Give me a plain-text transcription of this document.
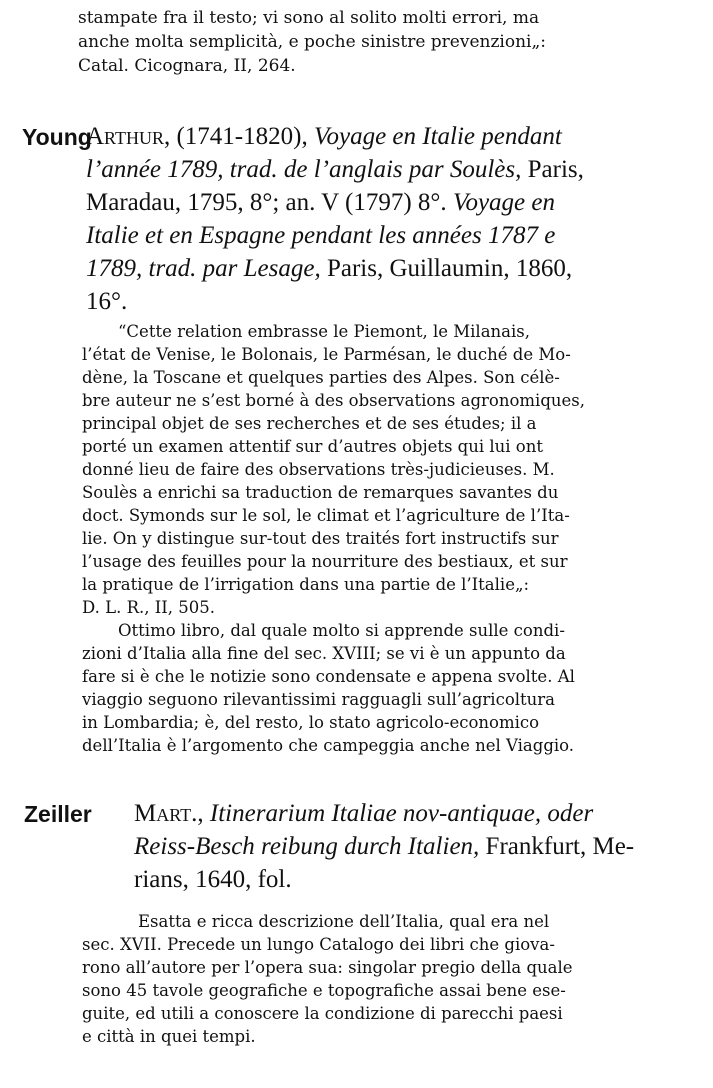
stampate fra il testo; vi sono al solito molti errori, ma
anche molta semplicità, e poche sinistre prevenzioni„:
Catal. Cicognara, II, 264.
Young
Arthur, (1741-1820), Voyage en Italie pendant
l’année 1789, trad. de l’anglais par Soulès, Paris,
Maradau, 1795, 8°; an. V (1797) 8°. Voyage en
Italie et en Espagne pendant les années 1787 e
1789, trad. par Lesage, Paris, Guillaumin, 1860,
16°.
“Cette relation embrasse le Piemont, le Milanais,
l’état de Venise, le Bolonais, le Parmésan, le duché de Mo-
dène, la Toscane et quelques parties des Alpes. Son célè-
bre auteur ne s’est borné à des observations agronomiques,
principal objet de ses recherches et de ses études; il a
porté un examen attentif sur d’autres objets qui lui ont
donné lieu de faire des observations très-judicieuses. M.
Soulès a enrichi sa traduction de remarques savantes du
doct. Symonds sur le sol, le climat et l’agriculture de l’Ita-
lie. On y distingue sur-tout des traités fort instructifs sur
l’usage des feuilles pour la nourriture des bestiaux, et sur
la pratique de l’irrigation dans una partie de l’Italie„:
D. L. R., II, 505.
Ottimo libro, dal quale molto si apprende sulle condi-
zioni d’Italia alla fine del sec. XVIII; se vi è un appunto da
fare si è che le notizie sono condensate e appena svolte. Al
viaggio seguono rilevantissimi ragguagli sull’agricoltura
in Lombardia; è, del resto, lo stato agricolo-economico
dell’Italia è l’argomento che campeggia anche nel Viaggio.
Zeiller Mart., Itinerarium Italiae nov-antiquae, oder
Reiss-Besch reibung durch Italien, Frankfurt, Me-
rians, 1640, fol.
Esatta e ricca descrizione dell’Italia, qual era nel
sec. XVII. Precede un lungo Catalogo dei libri che giova-
rono all’autore per l’opera sua: singolar pregio della quale
sono 45 tavole geografiche e topografiche assai bene ese-
guite, ed utili a conoscere la condizione di parecchi paesi
e città in quei tempi.
